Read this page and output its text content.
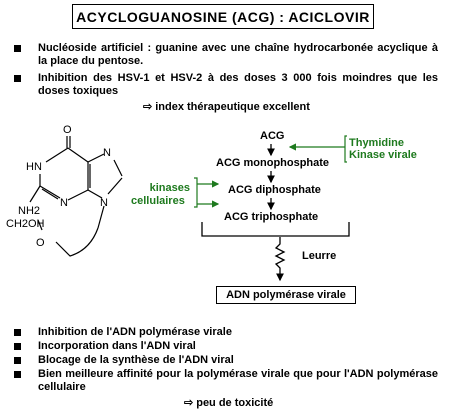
ACYCLOGUANOSINE (ACG) : ACICLOVIR
Nucléoside artificiel : guanine avec une chaîne hydrocarbonée acyclique à la place du pentose.
Inhibition des HSV-1 et HSV-2 à des doses 3 000 fois moindres que les doses toxiques
⇨ index thérapeutique excellent
O
HN
N
N
N
NH2
CH2OH
O
ACG
ACG monophosphate
ACG diphosphate
ACG triphosphate
Thymidine
Kinase virale
kinases
cellulaires
Leurre
ADN polymérase virale
Inhibition de l'ADN polymérase virale
Incorporation dans l'ADN viral
Blocage de la synthèse de l'ADN viral
Bien meilleure affinité pour la polymérase virale que pour l'ADN polymérase cellulaire
⇨ peu de toxicité
